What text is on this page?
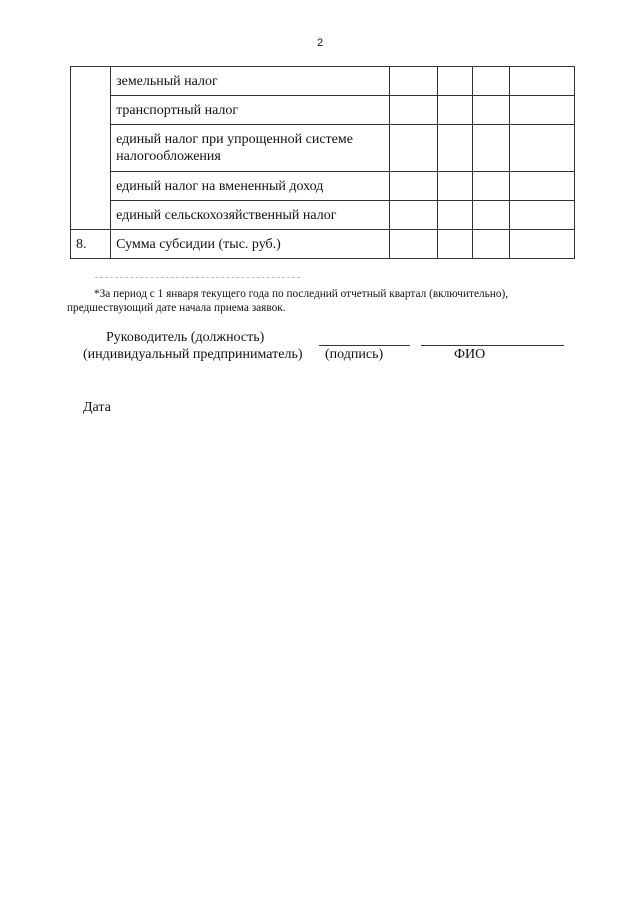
2
	земельный налог				
	транспортный налог				
	единый налог при упрощенной системе налогообложения				
	единый налог на вмененный доход				
	единый сельскохозяйственный налог				
8.	Сумма субсидии (тыс. руб.)				
*За период с 1 января текущего года по последний отчетный квартал (включительно), предшествующий дате начала приема заявок.
Руководитель (должность)
(индивидуальный предприниматель) (подпись)	ФИО
Дата
